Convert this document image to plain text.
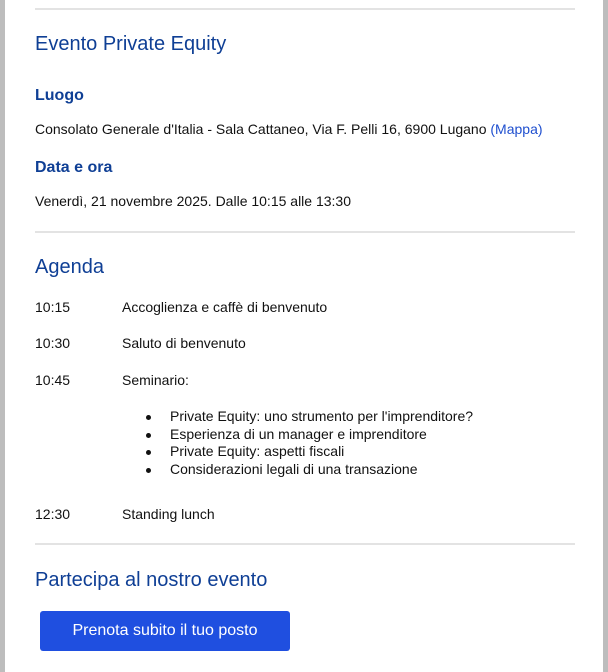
Evento Private Equity
Luogo
Consolato Generale d'Italia - Sala Cattaneo, Via F. Pelli 16, 6900 Lugano (Mappa)
Data e ora
Venerdì, 21 novembre 2025. Dalle 10:15 alle 13:30
Agenda
10:15	Accoglienza e caffè di benvenuto
10:30	Saluto di benvenuto
10:45	Seminario:
Private Equity: uno strumento per l'imprenditore?
Esperienza di un manager e imprenditore
Private Equity: aspetti fiscali
Considerazioni legali di una transazione
12:30	Standing lunch
Partecipa al nostro evento
Prenota subito il tuo posto
